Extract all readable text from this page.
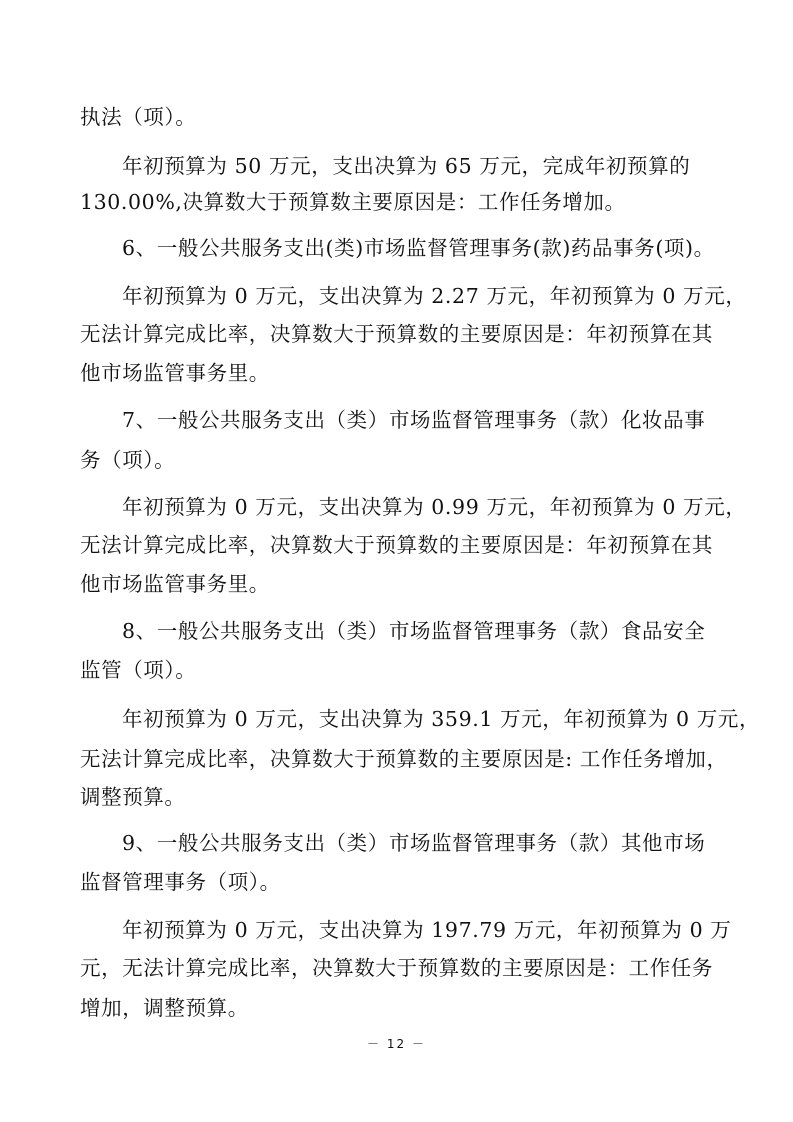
执法（项）。
年初预算为 50 万元，支出决算为 65 万元，完成年初预算的
130.00%,决算数大于预算数主要原因是：工作任务增加。
6、一般公共服务支出(类)市场监督管理事务(款)药品事务(项)。
年初预算为 0 万元，支出决算为 2.27 万元，年初预算为 0 万元，
无法计算完成比率，决算数大于预算数的主要原因是：年初预算在其
他市场监管事务里。
7、一般公共服务支出（类）市场监督管理事务（款）化妆品事
务（项）。
年初预算为 0 万元，支出决算为 0.99 万元，年初预算为 0 万元，
无法计算完成比率，决算数大于预算数的主要原因是：年初预算在其
他市场监管事务里。
8、一般公共服务支出（类）市场监督管理事务（款）食品安全
监管（项）。
年初预算为 0 万元，支出决算为 359.1 万元，年初预算为 0 万元，
无法计算完成比率，决算数大于预算数的主要原因是: 工作任务增加，
调整预算。
9、一般公共服务支出（类）市场监督管理事务（款）其他市场
监督管理事务（项）。
年初预算为 0 万元，支出决算为 197.79 万元，年初预算为 0 万
元，无法计算完成比率，决算数大于预算数的主要原因是：工作任务
增加，调整预算。
－ 12 －
